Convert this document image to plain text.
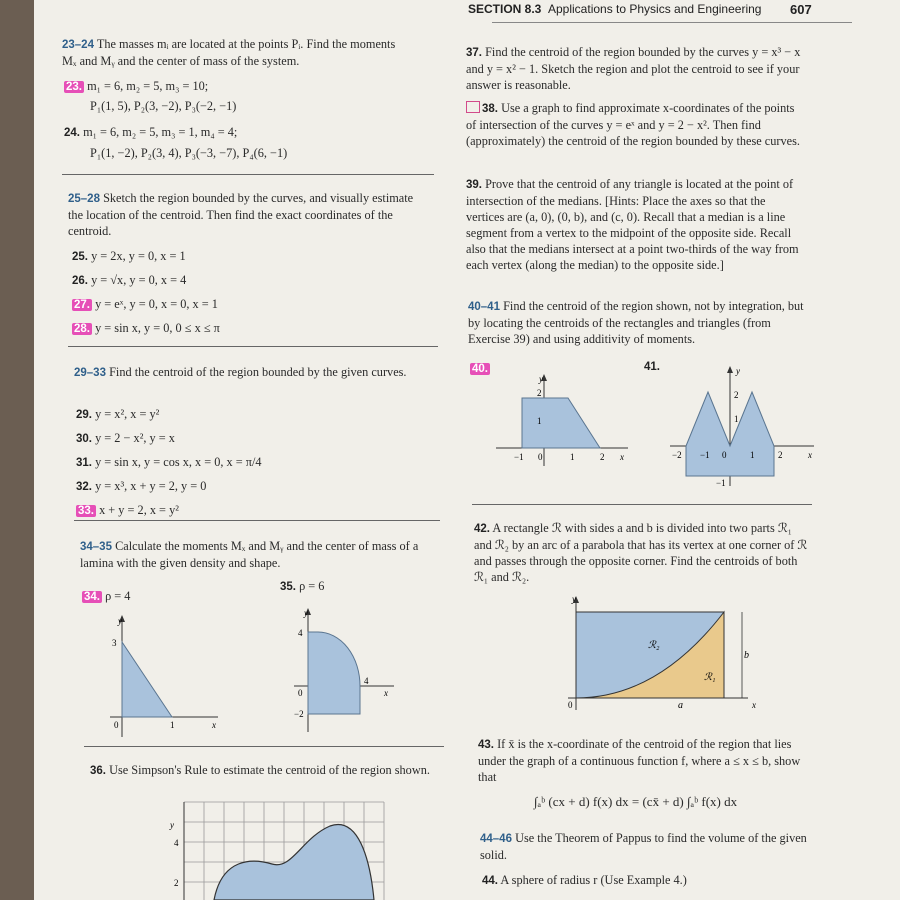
SECTION 8.3 Applications to Physics and Engineering 607
23–24 The masses mᵢ are located at the points Pᵢ. Find the moments Mₓ and Mᵧ and the center of mass of the system.
23. m₁ = 6, m₂ = 5, m₃ = 10;
P₁(1, 5), P₂(3, −2), P₃(−2, −1)
24. m₁ = 6, m₂ = 5, m₃ = 1, m₄ = 4;
P₁(1, −2), P₂(3, 4), P₃(−3, −7), P₄(6, −1)
25–28 Sketch the region bounded by the curves, and visually estimate the location of the centroid. Then find the exact coordinates of the centroid.
25. y = 2x, y = 0, x = 1
26. y = √x, y = 0, x = 4
27. y = eˣ, y = 0, x = 0, x = 1
28. y = sin x, y = 0, 0 ≤ x ≤ π
29–33 Find the centroid of the region bounded by the given curves.
29. y = x², x = y²
30. y = 2 − x², y = x
31. y = sin x, y = cos x, x = 0, x = π/4
32. y = x³, x + y = 2, y = 0
33. x + y = 2, x = y²
34–35 Calculate the moments Mₓ and Mᵧ and the center of mass of a lamina with the given density and shape.
34. ρ = 4
35. ρ = 6
y
3
0	1	x
y
4
0
−2
4
x
36. Use Simpson's Rule to estimate the centroid of the region shown.
y
4
2
37. Find the centroid of the region bounded by the curves y = x³ − x and y = x² − 1. Sketch the region and plot the centroid to see if your answer is reasonable.
38. Use a graph to find approximate x-coordinates of the points of intersection of the curves y = eˣ and y = 2 − x². Then find (approximately) the centroid of the region bounded by these curves.
39. Prove that the centroid of any triangle is located at the point of intersection of the medians. [Hints: Place the axes so that the vertices are (a, 0), (0, b), and (c, 0). Recall that a median is a line segment from a vertex to the midpoint of the opposite side. Recall also that the medians intersect at a point two-thirds of the way from each vertex (along the median) to the opposite side.]
40–41 Find the centroid of the region shown, not by integration, but by locating the centroids of the rectangles and triangles (from Exercise 39) and using additivity of moments.
40.	41.
y
2
1
−1 0	1	2 x
y
2
1
−2 −1 0	1	2	x
−1
42. A rectangle ℛ with sides a and b is divided into two parts ℛ₁ and ℛ₂ by an arc of a parabola that has its vertex at one corner of ℛ and passes through the opposite corner. Find the centroids of both ℛ₁ and ℛ₂.
y
ℛ₂
ℛ₁
0	a
b
x
43. If x̄ is the x-coordinate of the centroid of the region that lies under the graph of a continuous function f, where a ≤ x ≤ b, show that
∫ₐᵇ (cx + d) f(x) dx = (cx̄ + d) ∫ₐᵇ f(x) dx
44–46 Use the Theorem of Pappus to find the volume of the given solid.
44. A sphere of radius r (Use Example 4.)
